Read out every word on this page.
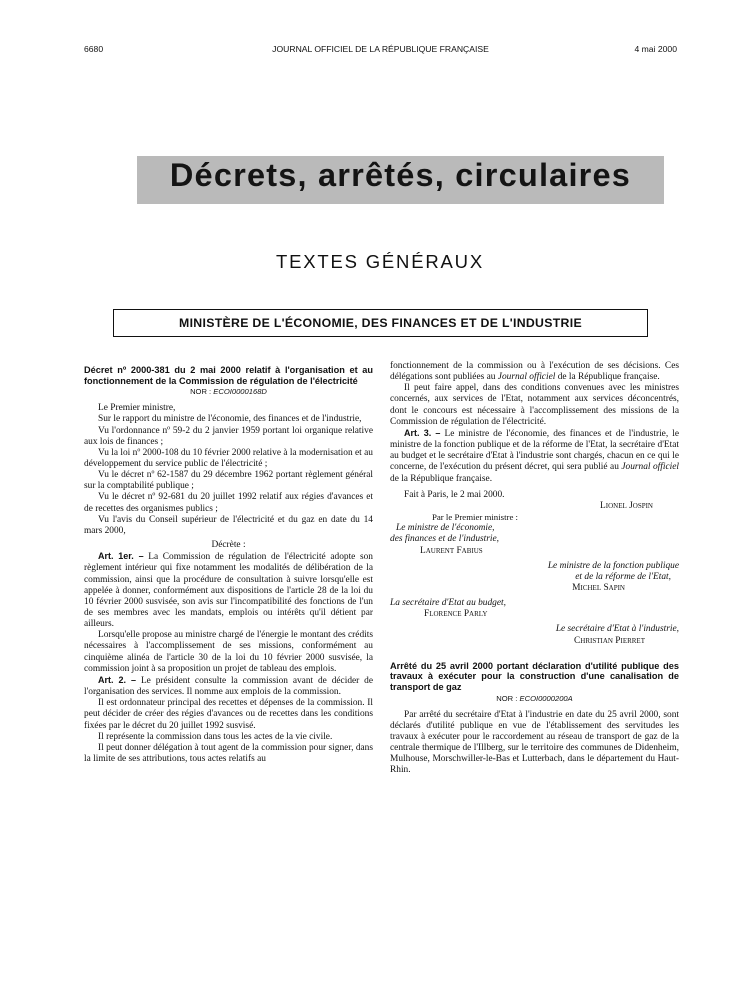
6680	JOURNAL OFFICIEL DE LA RÉPUBLIQUE FRANÇAISE	4 mai 2000
Décrets, arrêtés, circulaires
TEXTES GÉNÉRAUX
MINISTÈRE DE L'ÉCONOMIE, DES FINANCES ET DE L'INDUSTRIE

Décret nº 2000-381 du 2 mai 2000 relatif à l'organisation et au fonctionnement de la Commission de régulation de l'électricité

NOR : ECOI0000168D

Le Premier ministre,

Sur le rapport du ministre de l'économie, des finances et de l'industrie,

Vu l'ordonnance nº 59-2 du 2 janvier 1959 portant loi organique relative aux lois de finances ;

Vu la loi nº 2000-108 du 10 février 2000 relative à la modernisation et au développement du service public de l'électricité ;

Vu le décret nº 62-1587 du 29 décembre 1962 portant règlement général sur la comptabilité publique ;

Vu le décret nº 92-681 du 20 juillet 1992 relatif aux régies d'avances et de recettes des organismes publics ;

Vu l'avis du Conseil supérieur de l'électricité et du gaz en date du 14 mars 2000,

Décrète :

Art. 1er. – La Commission de régulation de l'électricité adopte son règlement intérieur qui fixe notamment les modalités de délibération de la commission, ainsi que la procédure de consultation à suivre lorsqu'elle est appelée à donner, conformément aux dispositions de l'article 28 de la loi du 10 février 2000 susvisée, son avis sur l'incompatibilité des fonctions de l'un de ses membres avec les mandats, emplois ou intérêts qu'il détient par ailleurs.

Lorsqu'elle propose au ministre chargé de l'énergie le montant des crédits nécessaires à l'accomplissement de ses missions, conformément au cinquième alinéa de l'article 30 de la loi du 10 février 2000 susvisée, la commission joint à sa proposition un projet de tableau des emplois.

Art. 2. – Le président consulte la commission avant de décider de l'organisation des services. Il nomme aux emplois de la commission.

Il est ordonnateur principal des recettes et dépenses de la commission. Il peut décider de créer des régies d'avances ou de recettes dans les conditions fixées par le décret du 20 juillet 1992 susvisé.

Il représente la commission dans tous les actes de la vie civile.

Il peut donner délégation à tout agent de la commission pour signer, dans la limite de ses attributions, tous actes relatifs au

fonctionnement de la commission ou à l'exécution de ses décisions. Ces délégations sont publiées au Journal officiel de la République française.

Il peut faire appel, dans des conditions convenues avec les ministres concernés, aux services de l'Etat, notamment aux services déconcentrés, dont le concours est nécessaire à l'accomplissement des missions de la Commission de régulation de l'électricité.

Art. 3. – Le ministre de l'économie, des finances et de l'industrie, le ministre de la fonction publique et de la réforme de l'Etat, la secrétaire d'Etat au budget et le secrétaire d'Etat à l'industrie sont chargés, chacun en ce qui le concerne, de l'exécution du présent décret, qui sera publié au Journal officiel de la République française.

Fait à Paris, le 2 mai 2000.

Lionel Jospin

Par le Premier ministre :

Le ministre de l'économie,
des finances et de l'industrie,
Laurent Fabius
Le ministre de la fonction publique
et de la réforme de l'Etat,
Michel Sapin
La secrétaire d'Etat au budget,
Florence Parly
Le secrétaire d'Etat à l'industrie,
Christian Pierret

Arrêté du 25 avril 2000 portant déclaration d'utilité publique des travaux à exécuter pour la construction d'une canalisation de transport de gaz

NOR : ECOI0000200A

Par arrêté du secrétaire d'Etat à l'industrie en date du 25 avril 2000, sont déclarés d'utilité publique en vue de l'établissement des servitudes les travaux à exécuter pour le raccordement au réseau de transport de gaz de la centrale thermique de l'Illberg, sur le territoire des communes de Didenheim, Mulhouse, Morschwiller-le-Bas et Lutterbach, dans le département du Haut-Rhin.
